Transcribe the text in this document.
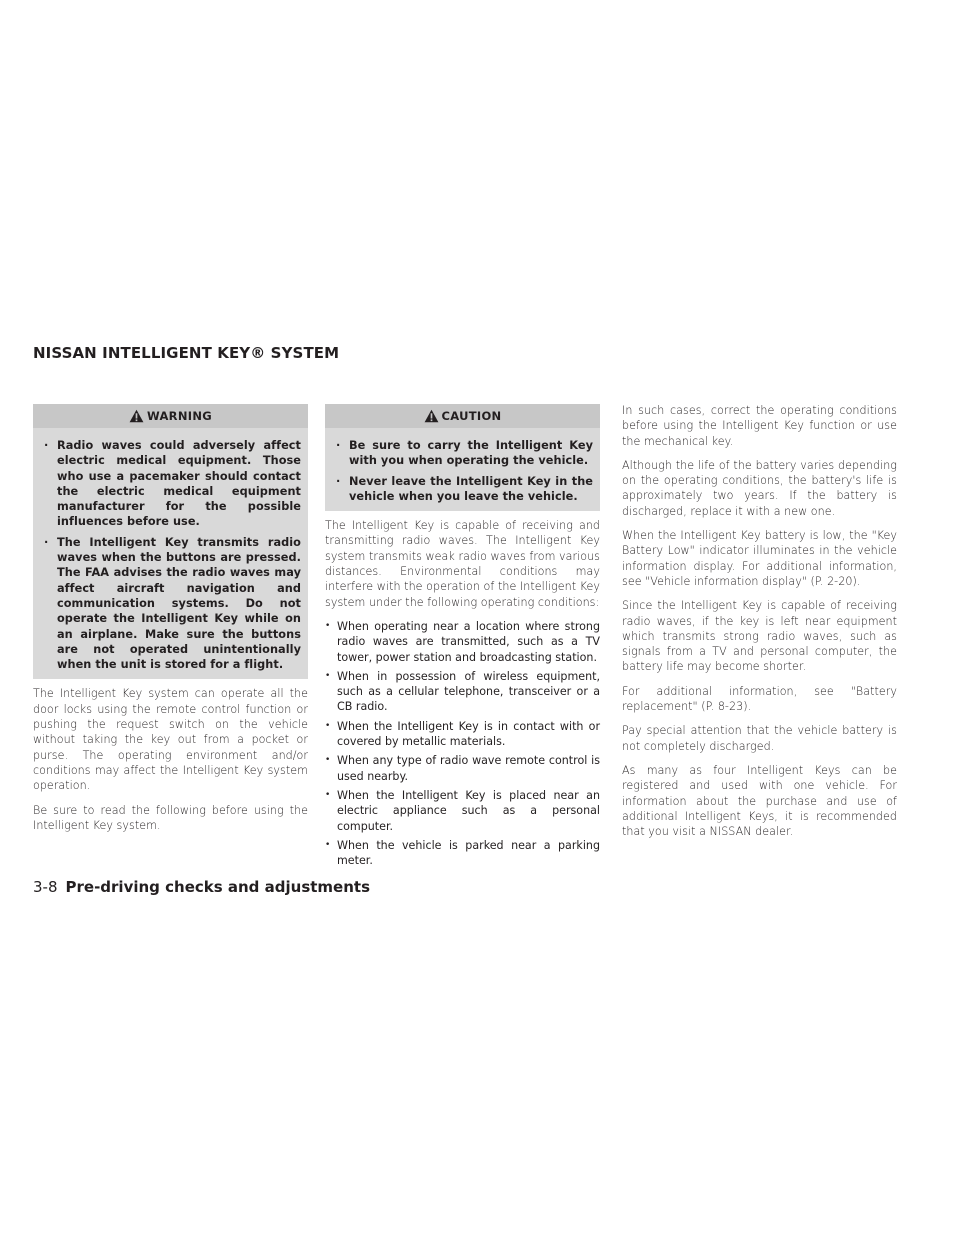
NISSAN INTELLIGENT KEY® SYSTEM
WARNING
· Radio waves could adversely affect electric medical equipment. Those who use a pacemaker should contact the electric medical equipment manufacturer for the possible influences before use.
· The Intelligent Key transmits radio waves when the buttons are pressed. The FAA advises the radio waves may affect aircraft navigation and communication systems. Do not operate the Intelligent Key while on an airplane. Make sure the buttons are not operated unintentionally when the unit is stored for a flight.

The Intelligent Key system can operate all the door locks using the remote control function or pushing the request switch on the vehicle without taking the key out from a pocket or purse. The operating environment and/or conditions may affect the Intelligent Key system operation.

Be sure to read the following before using the Intelligent Key system.

CAUTION
· Be sure to carry the Intelligent Key with you when operating the vehicle.
· Never leave the Intelligent Key in the vehicle when you leave the vehicle.

The Intelligent Key is capable of receiving and transmitting radio waves. The Intelligent Key system transmits weak radio waves from various distances. Environmental conditions may interfere with the operation of the Intelligent Key system under the following operating conditions:

• When operating near a location where strong radio waves are transmitted, such as a TV tower, power station and broadcasting station.
• When in possession of wireless equipment, such as a cellular telephone, transceiver or a CB radio.
• When the Intelligent Key is in contact with or covered by metallic materials.
• When any type of radio wave remote control is used nearby.
• When the Intelligent Key is placed near an electric appliance such as a personal computer.
• When the vehicle is parked near a parking meter.

In such cases, correct the operating conditions before using the Intelligent Key function or use the mechanical key.

Although the life of the battery varies depending on the operating conditions, the battery's life is approximately two years. If the battery is discharged, replace it with a new one.

When the Intelligent Key battery is low, the "Key Battery Low" indicator illuminates in the vehicle information display. For additional information, see "Vehicle information display" (P. 2-20).

Since the Intelligent Key is capable of receiving radio waves, if the key is left near equipment which transmits strong radio waves, such as signals from a TV and personal computer, the battery life may become shorter.

For additional information, see "Battery replacement" (P. 8-23).

Pay special attention that the vehicle battery is not completely discharged.

As many as four Intelligent Keys can be registered and used with one vehicle. For information about the purchase and use of additional Intelligent Keys, it is recommended that you visit a NISSAN dealer.

3-8 Pre-driving checks and adjustments
